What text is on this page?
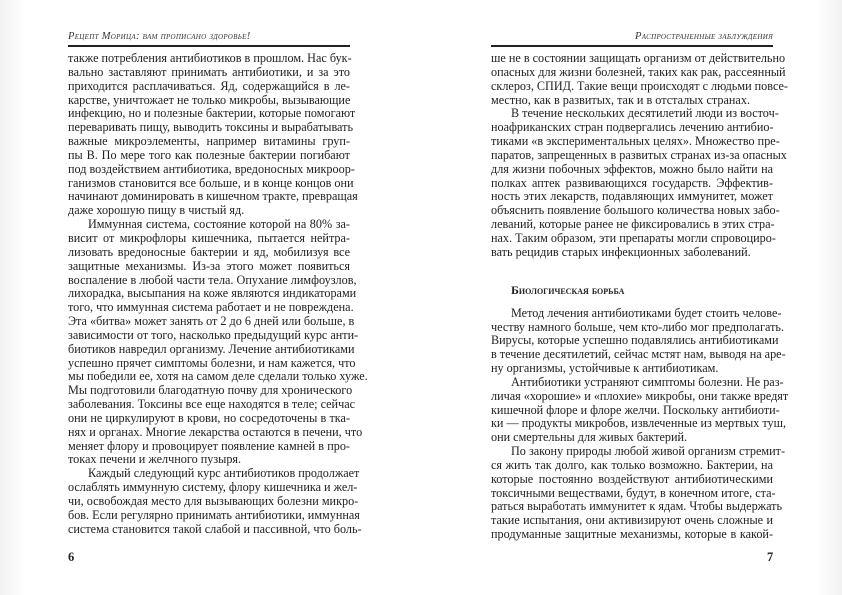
Рецепт Морица: вам прописано здоровье!
также потребления антибиотиков в прошлом. Нас бук-
вально заставляют принимать антибиотики, и за это
приходится расплачиваться. Яд, содержащийся в ле-
карстве, уничтожает не только микробы, вызывающие
инфекцию, но и полезные бактерии, которые помогают
переваривать пищу, выводить токсины и вырабатывать
важные микроэлементы, например витамины груп-
пы B. По мере того как полезные бактерии погибают
под воздействием антибиотика, вредоносных микроор-
ганизмов становится все больше, и в конце концов они
начинают доминировать в кишечном тракте, превращая
даже хорошую пищу в чистый яд.
Иммунная система, состояние которой на 80% за-
висит от микрофлоры кишечника, пытается нейтра-
лизовать вредоносные бактерии и яд, мобилизуя все
защитные механизмы. Из-за этого может появиться
воспаление в любой части тела. Опухание лимфоузлов,
лихорадка, высыпания на коже являются индикаторами
того, что иммунная система работает и не повреждена.
Эта «битва» может занять от 2 до 6 дней или больше, в
зависимости от того, насколько предыдущий курс анти-
биотиков навредил организму. Лечение антибиотиками
успешно прячет симптомы болезни, и нам кажется, что
мы победили ее, хотя на самом деле сделали только хуже.
Мы подготовили благодатную почву для хронического
заболевания. Токсины все еще находятся в теле; сейчас
они не циркулируют в крови, но сосредоточены в тка-
нях и органах. Многие лекарства остаются в печени, что
меняет флору и провоцирует появление камней в про-
токах печени и желчного пузыря.
Каждый следующий курс антибиотиков продолжает
ослаблять иммунную систему, флору кишечника и жел-
чи, освобождая место для вызывающих болезни микро-
бов. Если регулярно принимать антибиотики, иммунная
система становится такой слабой и пассивной, что боль-
6
Распространенные заблуждения
ше не в состоянии защищать организм от действительно
опасных для жизни болезней, таких как рак, рассеянный
склероз, СПИД. Такие вещи происходят с людьми повсе-
местно, как в развитых, так и в отсталых странах.
В течение нескольких десятилетий люди из восточ-
ноафриканских стран подвергались лечению антибио-
тиками «в экспериментальных целях». Множество пре-
паратов, запрещенных в развитых странах из-за опасных
для жизни побочных эффектов, можно было найти на
полках аптек развивающихся государств. Эффектив-
ность этих лекарств, подавляющих иммунитет, может
объяснить появление большого количества новых забо-
леваний, которые ранее не фиксировались в этих стра-
нах. Таким образом, эти препараты могли спровоциро-
вать рецидив старых инфекционных заболеваний.
Биологическая борьба
Метод лечения антибиотиками будет стоить челове-
честву намного больше, чем кто-либо мог предполагать.
Вирусы, которые успешно подавлялись антибиотиками
в течение десятилетий, сейчас мстят нам, выводя на аре-
ну организмы, устойчивые к антибиотикам.
Антибиотики устраняют симптомы болезни. Не раз-
личая «хорошие» и «плохие» микробы, они также вредят
кишечной флоре и флоре желчи. Поскольку антибиоти-
ки — продукты микробов, извлеченные из мертвых туш,
они смертельны для живых бактерий.
По закону природы любой живой организм стремит-
ся жить так долго, как только возможно. Бактерии, на
которые постоянно воздействуют антибиотическими
токсичными веществами, будут, в конечном итоге, ста-
раться выработать иммунитет к ядам. Чтобы выдержать
такие испытания, они активизируют очень сложные и
продуманные защитные механизмы, которые в какой-
7
